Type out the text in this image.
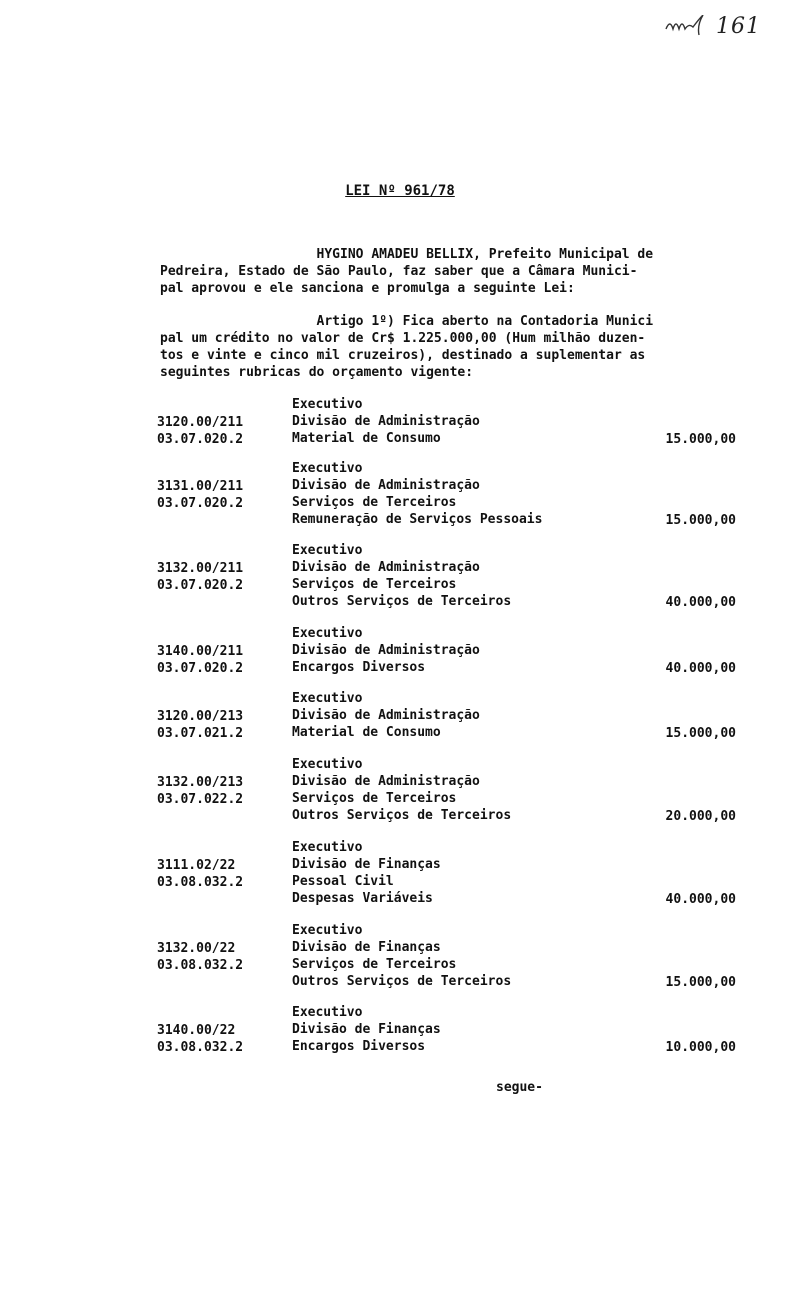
161
LEI Nº 961/78
HYGINO AMADEU BELLIX, Prefeito Municipal de
Pedreira, Estado de São Paulo, faz saber que a Câmara Munici-
pal aprovou e ele sanciona e promulga a seguinte Lei:
Artigo 1º) Fica aberto na Contadoria Munici
pal um crédito no valor de Cr$ 1.225.000,00 (Hum milhão duzen-
tos e vinte e cinco mil cruzeiros), destinado a suplementar as
seguintes rubricas do orçamento vigente:
3120.00/211
03.07.020.2
Executivo
Divisão de Administração
Material de Consumo	15.000,00
3131.00/211
03.07.020.2
Executivo
Divisão de Administração
Serviços de Terceiros
Remuneração de Serviços Pessoais	15.000,00
3132.00/211
03.07.020.2
Executivo
Divisão de Administração
Serviços de Terceiros
Outros Serviços de Terceiros	40.000,00
3140.00/211
03.07.020.2
Executivo
Divisão de Administração
Encargos Diversos	40.000,00
3120.00/213
03.07.021.2
Executivo
Divisão de Administração
Material de Consumo	15.000,00
3132.00/213
03.07.022.2
Executivo
Divisão de Administração
Serviços de Terceiros
Outros Serviços de Terceiros	20.000,00
3111.02/22
03.08.032.2
Executivo
Divisão de Finanças
Pessoal Civil
Despesas Variáveis	40.000,00
3132.00/22
03.08.032.2
Executivo
Divisão de Finanças
Serviços de Terceiros
Outros Serviços de Terceiros	15.000,00
3140.00/22
03.08.032.2
Executivo
Divisão de Finanças
Encargos Diversos	10.000,00
segue-
